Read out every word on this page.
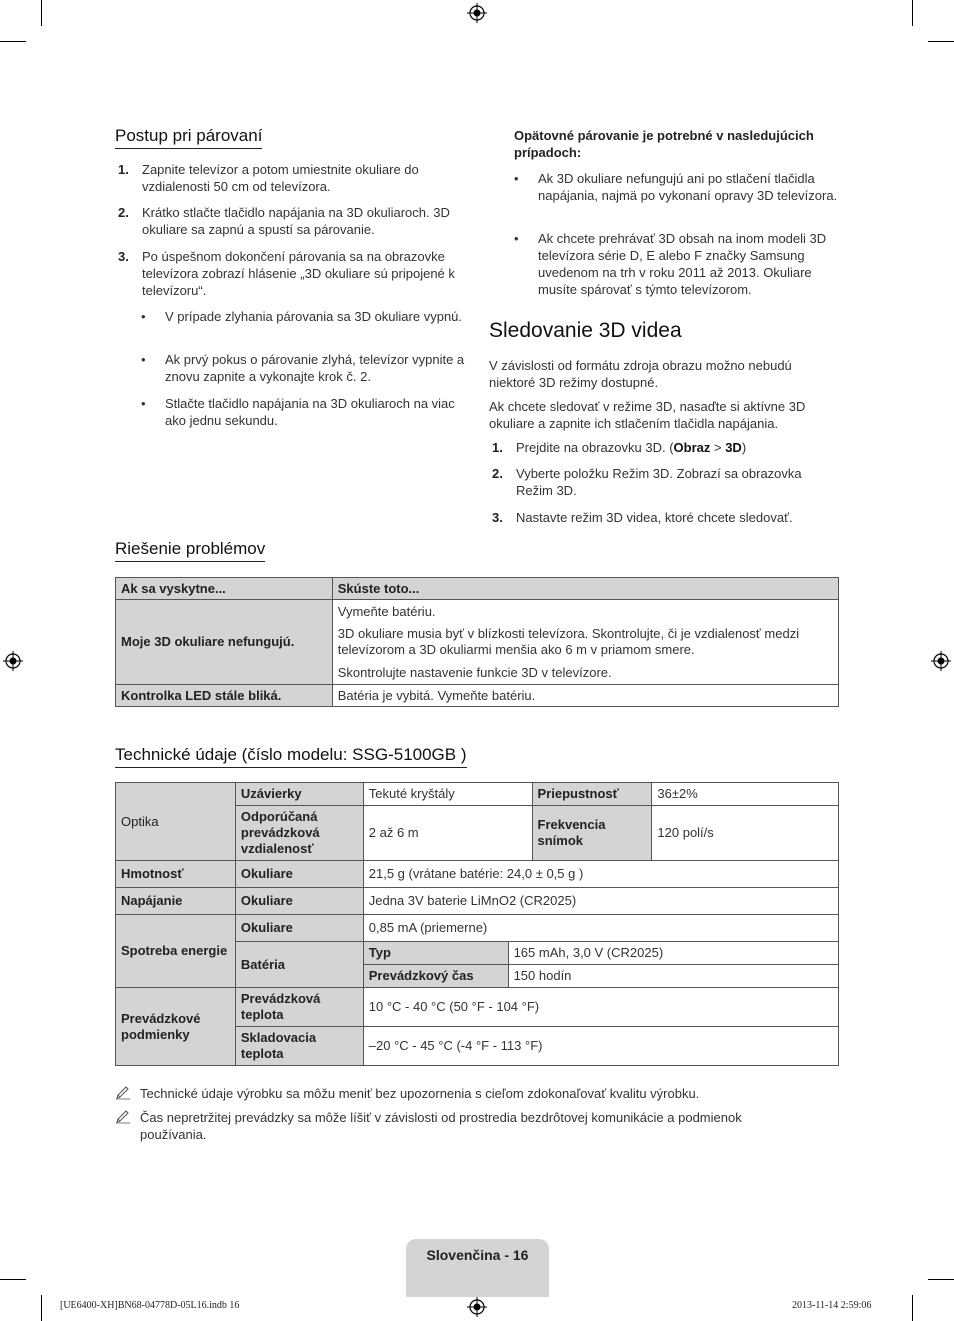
Postup pri párovaní
1. Zapnite televízor a potom umiestnite okuliare do vzdialenosti 50 cm od televízora.
2. Krátko stlačte tlačidlo napájania na 3D okuliaroch. 3D okuliare sa zapnú a spustí sa párovanie.
3. Po úspešnom dokončení párovania sa na obrazovke televízora zobrazí hlásenie „3D okuliare sú pripojené k televízoru“.
• V prípade zlyhania párovania sa 3D okuliare vypnú.
• Ak prvý pokus o párovanie zlyhá, televízor vypnite a znovu zapnite a vykonajte krok č. 2.
• Stlačte tlačidlo napájania na 3D okuliaroch na viac ako jednu sekundu.
Opätovné párovanie je potrebné v nasledujúcich prípadoch:
• Ak 3D okuliare nefungujú ani po stlačení tlačidla napájania, najmä po vykonaní opravy 3D televízora.
• Ak chcete prehrávať 3D obsah na inom modeli 3D televízora série D, E alebo F značky Samsung uvedenom na trh v roku 2011 až 2013. Okuliare musíte spárovať s týmto televízorom.
Sledovanie 3D videa
V závislosti od formátu zdroja obrazu možno nebudú niektoré 3D režimy dostupné.
Ak chcete sledovať v režime 3D, nasaďte si aktívne 3D okuliare a zapnite ich stlačením tlačidla napájania.
1. Prejdite na obrazovku 3D. (Obraz > 3D)
2. Vyberte položku Režim 3D. Zobrazí sa obrazovka Režim 3D.
3. Nastavte režim 3D videa, ktoré chcete sledovať.
Riešenie problémov
Ak sa vyskytne...	Skúste toto...
Moje 3D okuliare nefungujú.	Vymeňte batériu.
	3D okuliare musia byť v blízkosti televízora. Skontrolujte, či je vzdialenosť medzi televízorom a 3D okuliarmi menšia ako 6 m v priamom smere.
	Skontrolujte nastavenie funkcie 3D v televízore.
Kontrolka LED stále bliká.	Batéria je vybitá. Vymeňte batériu.
Technické údaje (číslo modelu: SSG-5100GB )
Optika	Uzávierky	Tekuté kryštály		Priepustnosť	36±2%
	Odporúčaná prevádzková vzdialenosť	2 až 6 m		Frekvencia snímok	120 polí/s
Hmotnosť	Okuliare	21,5 g (vrátane batérie: 24,0 ± 0,5 g )			
Napájanie	Okuliare	Jedna 3V baterie LiMnO2 (CR2025)			
Spotreba energie	Okuliare	0,85 mA (priemerne)			
	Batéria	Typ	165 mAh, 3,0 V (CR2025)		
		Prevádzkový čas	150 hodín		
Prevádzkové podmienky	Prevádzková teplota	10 °C - 40 °C (50 °F - 104 °F)			
	Skladovacia teplota	–20 °C - 45 °C (-4 °F - 113 °F)			
Technické údaje výrobku sa môžu meniť bez upozornenia s cieľom zdokonaľovať kvalitu výrobku.
Čas nepretržitej prevádzky sa môže líšiť v závislosti od prostredia bezdrôtovej komunikácie a podmienok používania.
Slovenčina - 16
[UE6400-XH]BN68-04778D-05L16.indb 16	2013-11-14 2:59:06
